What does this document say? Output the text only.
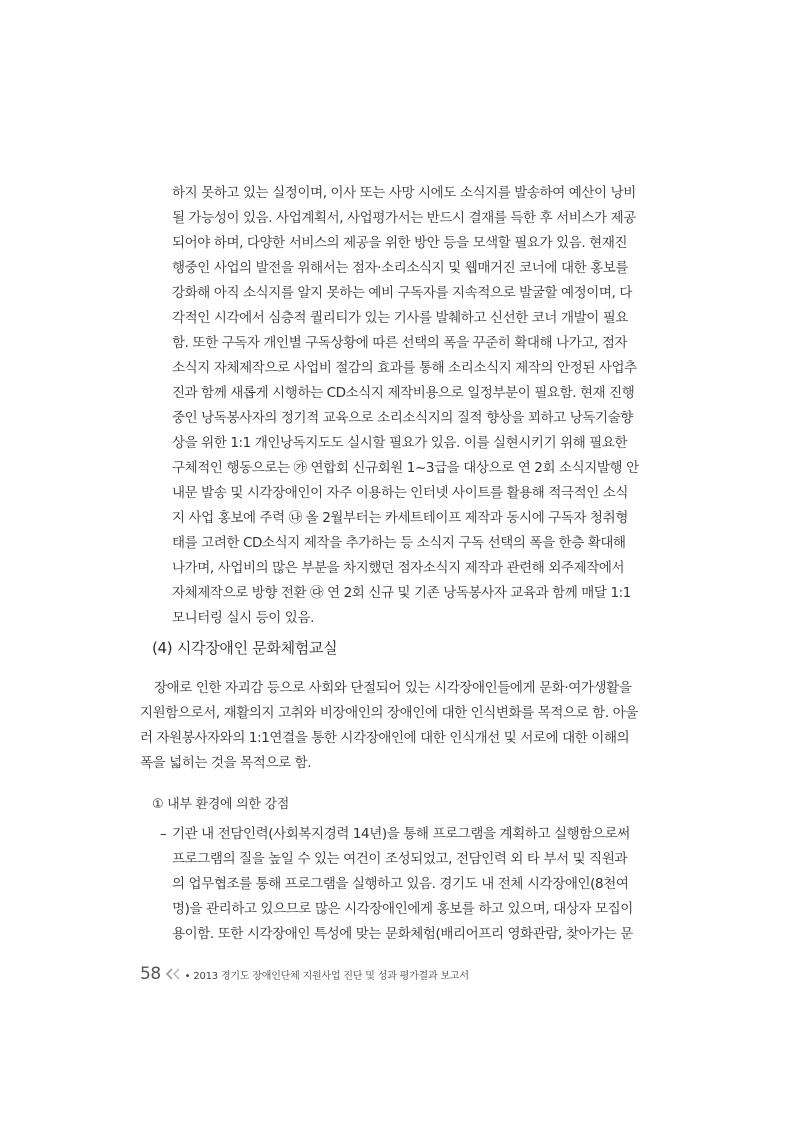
하지 못하고 있는 실정이며, 이사 또는 사망 시에도 소식지를 발송하여 예산이 낭비
될 가능성이 있음. 사업계획서, 사업평가서는 반드시 결재를 득한 후 서비스가 제공
되어야 하며, 다양한 서비스의 제공을 위한 방안 등을 모색할 필요가 있음. 현재진
행중인 사업의 발전을 위해서는 점자·소리소식지 및 웹매거진 코너에 대한 홍보를
강화해 아직 소식지를 알지 못하는 예비 구독자를 지속적으로 발굴할 예정이며, 다
각적인 시각에서 심층적 퀄리티가 있는 기사를 발췌하고 신선한 코너 개발이 필요
함. 또한 구독자 개인별 구독상황에 따른 선택의 폭을 꾸준히 확대해 나가고, 점자
소식지 자체제작으로 사업비 절감의 효과를 통해 소리소식지 제작의 안정된 사업추
진과 함께 새롭게 시행하는 CD소식지 제작비용으로 일정부분이 필요함. 현재 진행
중인 낭독봉사자의 정기적 교육으로 소리소식지의 질적 향상을 꾀하고 낭독기술향
상을 위한 1:1 개인낭독지도도 실시할 필요가 있음. 이를 실현시키기 위해 필요한
구체적인 행동으로는 ㉮ 연합회 신규회원 1~3급을 대상으로 연 2회 소식지발행 안
내문 발송 및 시각장애인이 자주 이용하는 인터넷 사이트를 활용해 적극적인 소식
지 사업 홍보에 주력 ㉯ 올 2월부터는 카세트테이프 제작과 동시에 구독자 청취형
태를 고려한 CD소식지 제작을 추가하는 등 소식지 구독 선택의 폭을 한층 확대해
나가며, 사업비의 많은 부분을 차지했던 점자소식지 제작과 관련해 외주제작에서
자체제작으로 방향 전환 ㉰ 연 2회 신규 및 기존 낭독봉사자 교육과 함께 매달 1:1
모니터링 실시 등이 있음.
(4) 시각장애인 문화체험교실
장애로 인한 자괴감 등으로 사회와 단절되어 있는 시각장애인들에게 문화·여가생활을
지원함으로서, 재활의지 고취와 비장애인의 장애인에 대한 인식변화를 목적으로 함. 아울
러 자원봉사자와의 1:1연결을 통한 시각장애인에 대한 인식개선 및 서로에 대한 이해의
폭을 넓히는 것을 목적으로 함.
① 내부 환경에 의한 강점
– 기관 내 전담인력(사회복지경력 14년)을 통해 프로그램을 계획하고 실행함으로써
프로그램의 질을 높일 수 있는 여건이 조성되었고, 전담인력 외 타 부서 및 직원과
의 업무협조를 통해 프로그램을 실행하고 있음. 경기도 내 전체 시각장애인(8천여
명)을 관리하고 있으므로 많은 시각장애인에게 홍보를 하고 있으며, 대상자 모집이
용이함. 또한 시각장애인 특성에 맞는 문화체험(배리어프리 영화관람, 찾아가는 문
58 • 2013 경기도 장애인단체 지원사업 진단 및 성과 평가결과 보고서
